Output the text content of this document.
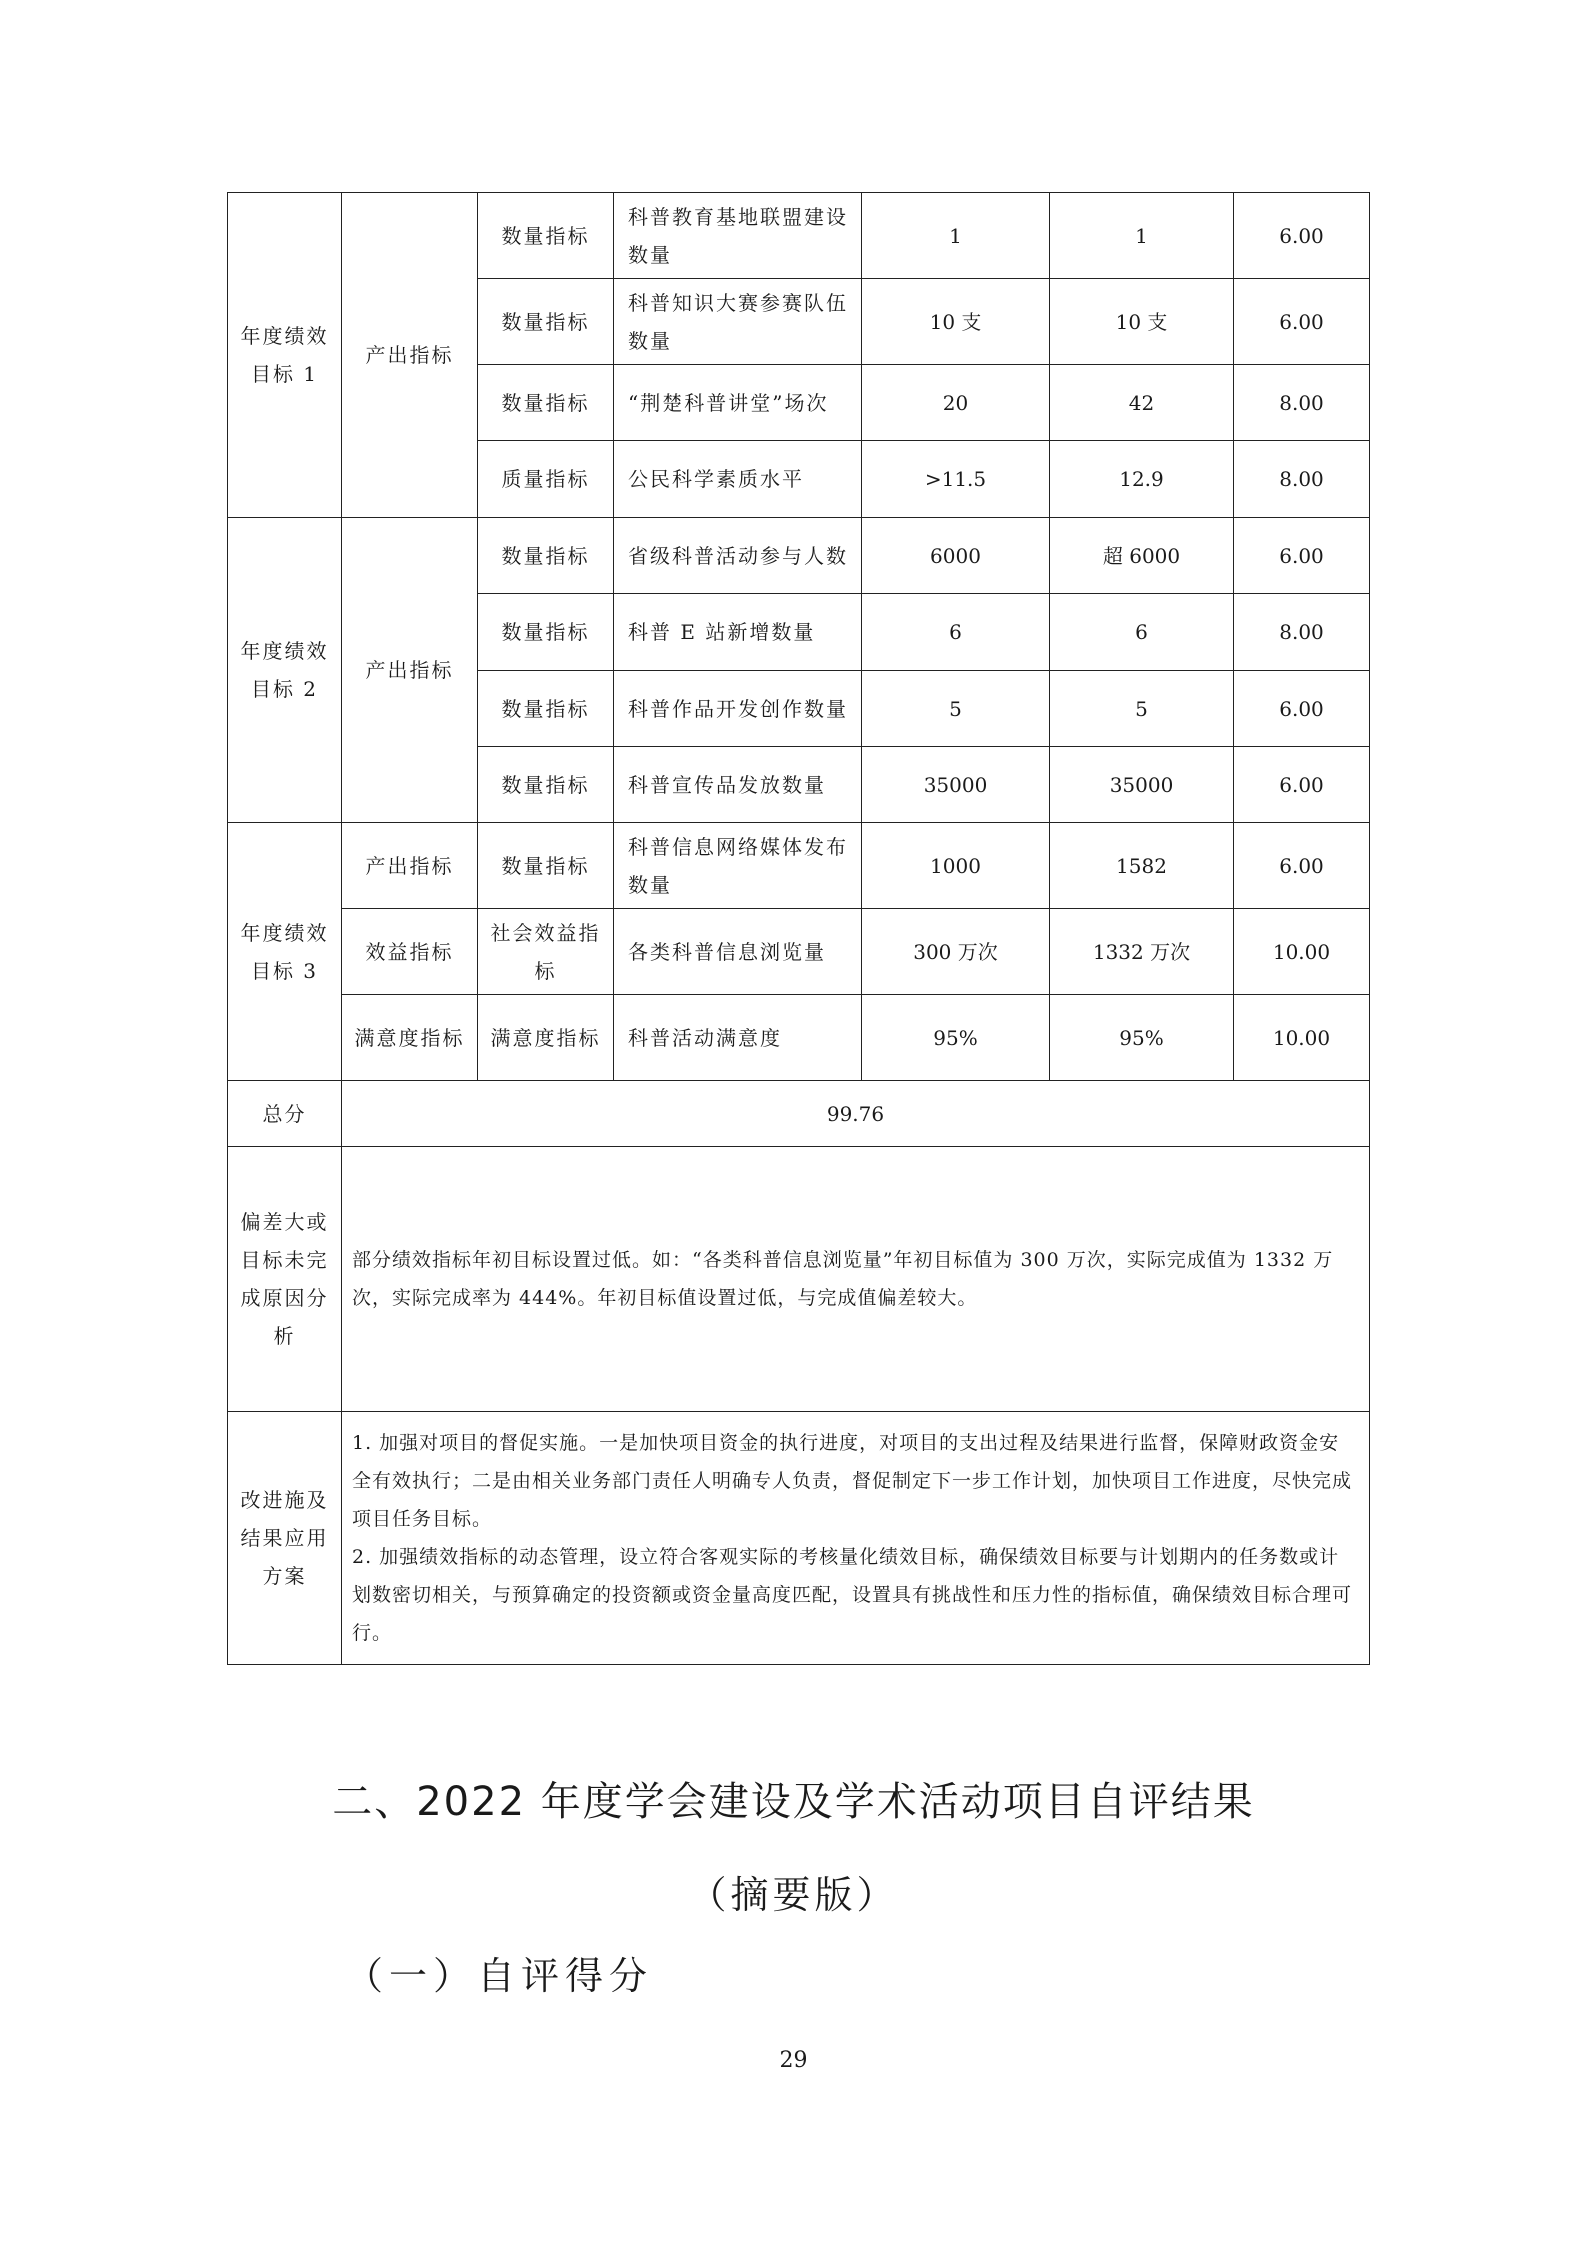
年度绩效目标 1	产出指标	数量指标	科普教育基地联盟建设数量	1	1	6.00
		数量指标	科普知识大赛参赛队伍数量	10 支	10 支	6.00
		数量指标	“荆楚科普讲堂”场次	20	42	8.00
		质量指标	公民科学素质水平	>11.5	12.9	8.00
年度绩效目标 2	产出指标	数量指标	省级科普活动参与人数	6000	超 6000	6.00
		数量指标	科普 E 站新增数量	6	6	8.00
		数量指标	科普作品开发创作数量	5	5	6.00
		数量指标	科普宣传品发放数量	35000	35000	6.00
年度绩效目标 3	产出指标	数量指标	科普信息网络媒体发布数量	1000	1582	6.00
	效益指标	社会效益指标	各类科普信息浏览量	300 万次	1332 万次	10.00
	满意度指标	满意度指标	科普活动满意度	95%	95%	10.00
总分	99.76					
偏差大或目标未完成原因分析	部分绩效指标年初目标设置过低。如：“各类科普信息浏览量”年初目标值为 300 万次，实际完成值为 1332 万次，实际完成率为 444%。年初目标值设置过低，与完成值偏差较大。					
改进施及结果应用方案	1. 加强对项目的督促实施。一是加快项目资金的执行进度，对项目的支出过程及结果进行监督，保障财政资金安全有效执行；二是由相关业务部门责任人明确专人负责，督促制定下一步工作计划，加快项目工作进度，尽快完成项目任务目标。
2. 加强绩效指标的动态管理，设立符合客观实际的考核量化绩效目标，确保绩效目标要与计划期内的任务数或计划数密切相关，与预算确定的投资额或资金量高度匹配，设置具有挑战性和压力性的指标值，确保绩效目标合理可行。					
二、2022 年度学会建设及学术活动项目自评结果
（摘要版）
（一）自评得分
29
